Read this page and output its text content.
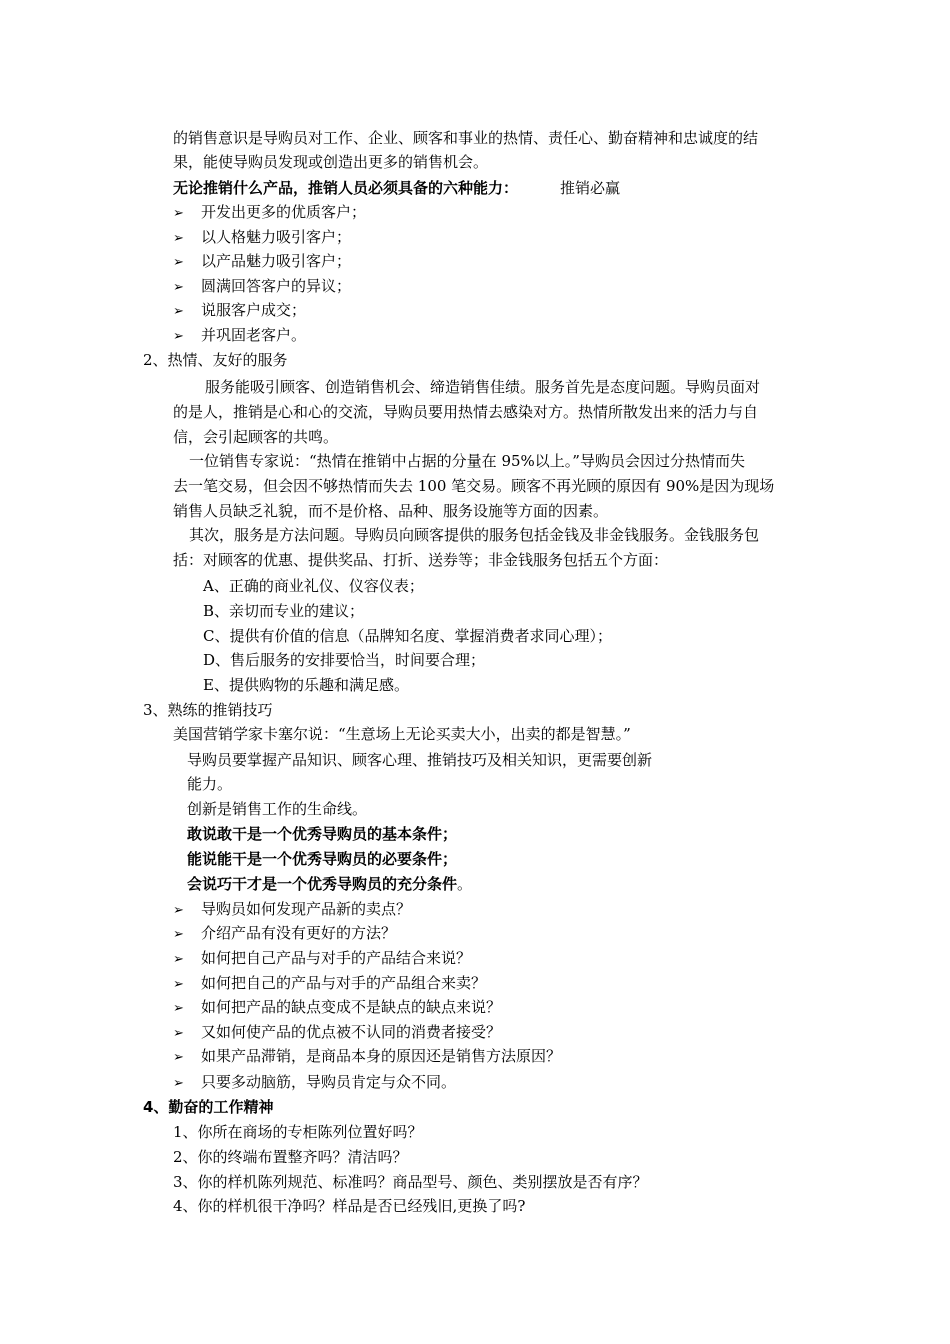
的销售意识是导购员对工作、企业、顾客和事业的热情、责任心、勤奋精神和忠诚度的结
果，能使导购员发现或创造出更多的销售机会。
无论推销什么产品，推销人员必须具备的六种能力：	推销必赢
➢ 开发出更多的优质客户；
➢ 以人格魅力吸引客户；
➢ 以产品魅力吸引客户；
➢ 圆满回答客户的异议；
➢ 说服客户成交；
➢ 并巩固老客户。
2、热情、友好的服务
服务能吸引顾客、创造销售机会、缔造销售佳绩。服务首先是态度问题。导购员面对
的是人，推销是心和心的交流，导购员要用热情去感染对方。热情所散发出来的活力与自
信，会引起顾客的共鸣。
一位销售专家说：“热情在推销中占据的分量在 95%以上。”导购员会因过分热情而失
去一笔交易，但会因不够热情而失去 100 笔交易。顾客不再光顾的原因有 90%是因为现场
销售人员缺乏礼貌，而不是价格、品种、服务设施等方面的因素。
其次，服务是方法问题。导购员向顾客提供的服务包括金钱及非金钱服务。金钱服务包
括：对顾客的优惠、提供奖品、打折、送券等；非金钱服务包括五个方面：
A、正确的商业礼仪、仪容仪表；
B、亲切而专业的建议；
C、提供有价值的信息（品牌知名度、掌握消费者求同心理）；
D、售后服务的安排要恰当，时间要合理；
E、提供购物的乐趣和满足感。
3、熟练的推销技巧
美国营销学家卡塞尔说：“生意场上无论买卖大小，出卖的都是智慧。”
导购员要掌握产品知识、顾客心理、推销技巧及相关知识，更需要创新
能力。
创新是销售工作的生命线。
敢说敢干是一个优秀导购员的基本条件；
能说能干是一个优秀导购员的必要条件；
会说巧干才是一个优秀导购员的充分条件。
➢ 导购员如何发现产品新的卖点？
➢ 介绍产品有没有更好的方法？
➢ 如何把自己产品与对手的产品结合来说？
➢ 如何把自己的产品与对手的产品组合来卖？
➢ 如何把产品的缺点变成不是缺点的缺点来说？
➢ 又如何使产品的优点被不认同的消费者接受？
➢ 如果产品滞销，是商品本身的原因还是销售方法原因？
➢ 只要多动脑筋，导购员肯定与众不同。
4、勤奋的工作精神
1、你所在商场的专柜陈列位置好吗？
2、你的终端布置整齐吗？清洁吗？
3、你的样机陈列规范、标准吗？商品型号、颜色、类别摆放是否有序？
4、你的样机很干净吗？样品是否已经残旧,更换了吗?
